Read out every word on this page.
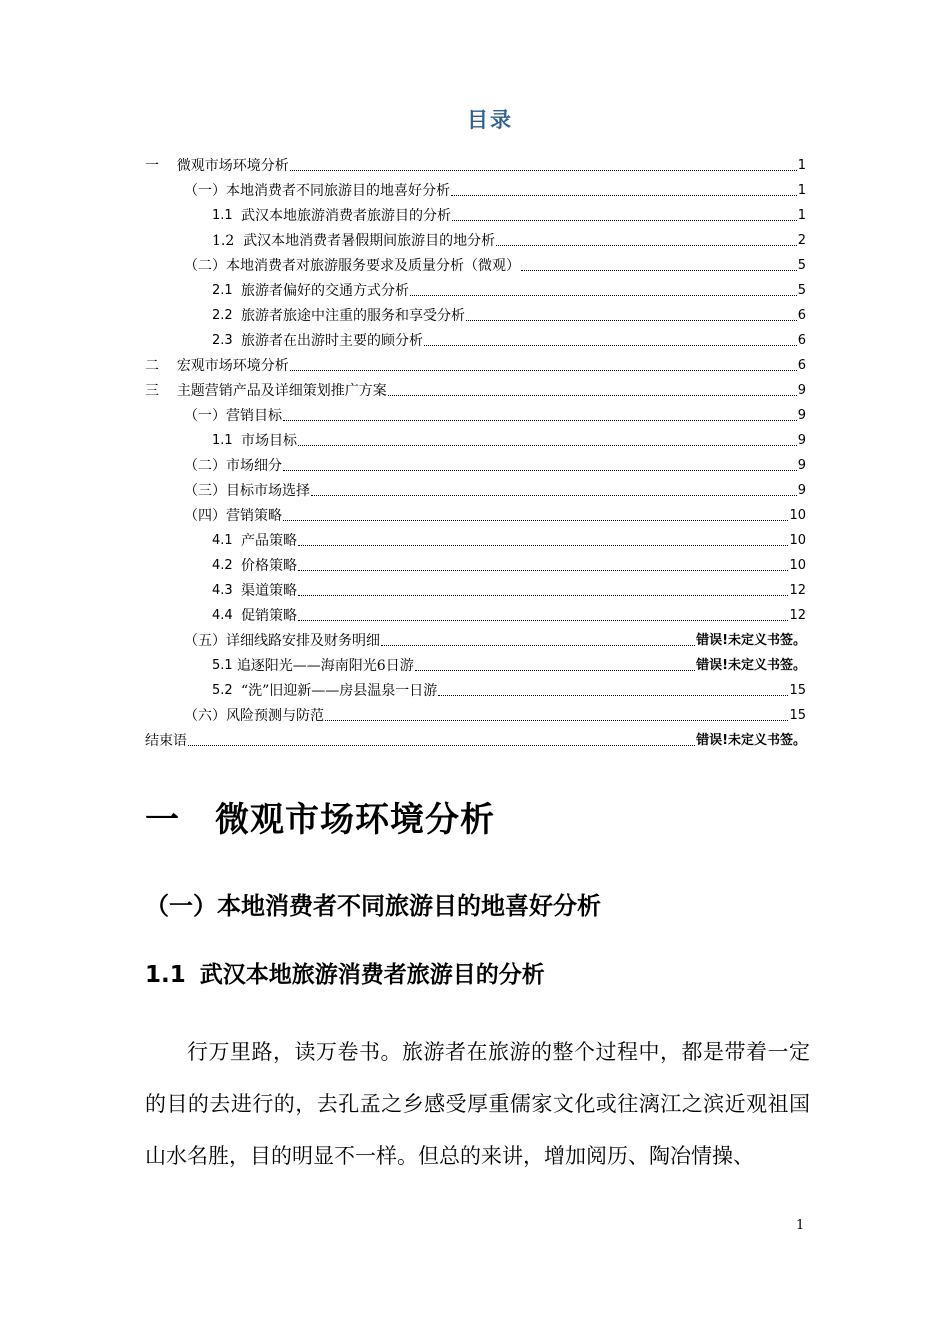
目录
一 微观市场环境分析	1
（一） 本地消费者不同旅游目的地喜好分析	1
1.1 武汉本地旅游消费者旅游目的分析	1
1.2 武汉本地消费者暑假期间旅游目的地分析	2
（二） 本地消费者对旅游服务要求及质量分析（微观）	5
2.1 旅游者偏好的交通方式分析	5
2.2 旅游者旅途中注重的服务和享受分析	6
2.3 旅游者在出游时主要的顾分析	6
二 宏观市场环境分析	6
三 主题营销产品及详细策划推广方案	9
（一） 营销目标	9
1.1 市场目标	9
（二） 市场细分	9
（三） 目标市场选择	9
（四） 营销策略	10
4.1 产品策略	10
4.2 价格策略	10
4.3 渠道策略	12
4.4 促销策略	12
（五） 详细线路安排及财务明细	错误!未定义书签。
5.1 追逐阳光——海南阳光6日游	错误!未定义书签。
5.2 “洗”旧迎新——房县温泉一日游	15
（六） 风险预测与防范	15
结束语	错误!未定义书签。
一 微观市场环境分析
（一）本地消费者不同旅游目的地喜好分析
1.1 武汉本地旅游消费者旅游目的分析
行万里路，读万卷书。旅游者在旅游的整个过程中，都是带着一定的目的去进行的，去孔孟之乡感受厚重儒家文化或往漓江之滨近观祖国山水名胜，目的明显不一样。但总的来讲，增加阅历、陶冶情操、
1
